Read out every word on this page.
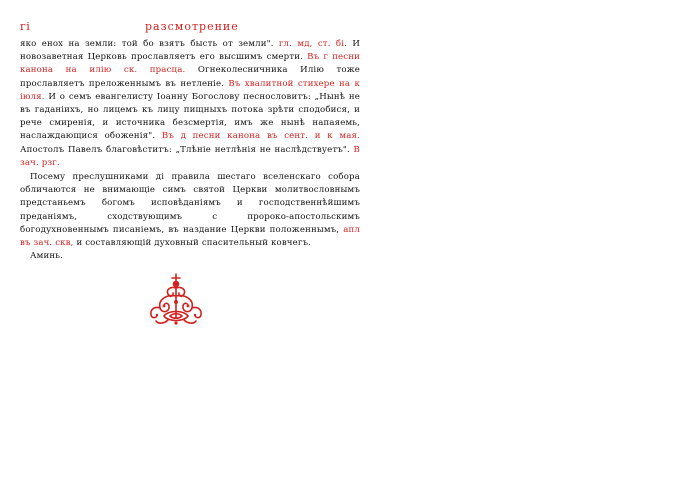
гi	разсмотрение

яко енох на земли: той бо взятъ бысть от земли". гл. мд, ст. бi. И новозаветная Церковь прославляетъ его высшимъ смерти. Въ г песни канона на илiю ск. прасца. Огнеколесничника Илiю тоже прославляетъ преложеннымъ въ нетленiе. Въ хвалитной стихере на к iюля. И о семъ евангелисту Iоанну Богослову песнословитъ: „Нынѣ не въ гаданiихъ, но лицемъ къ лицу пищныхъ потока зрѣти сподобися, и рече смиренiя, и источника безсмертiя, имъ же нынѣ напаяемь, наслаждающися обоженiя". Въ д песни канона въ сент. и к мая. Апостолъ Павелъ благовѣститъ: „Тлѣнiе нетлѣнiя не наслѣдствуетъ". В зач. рзг.

Посему преслушниками дi правила шестаго вселенскаго собора обличаются не внимающiе симъ святой Церкви молитвословнымъ предстаньемъ богомъ исповѣданiямъ и господственнѣйшимъ преданiямъ, сходствующимъ с пророко-апостольскимъ богодухновеннымъ писанiемъ, въ наздание Церкви положеннымъ, апл въ зач. скв, и составляющiй духовный спасительный ковчегъ.

Аминь.
